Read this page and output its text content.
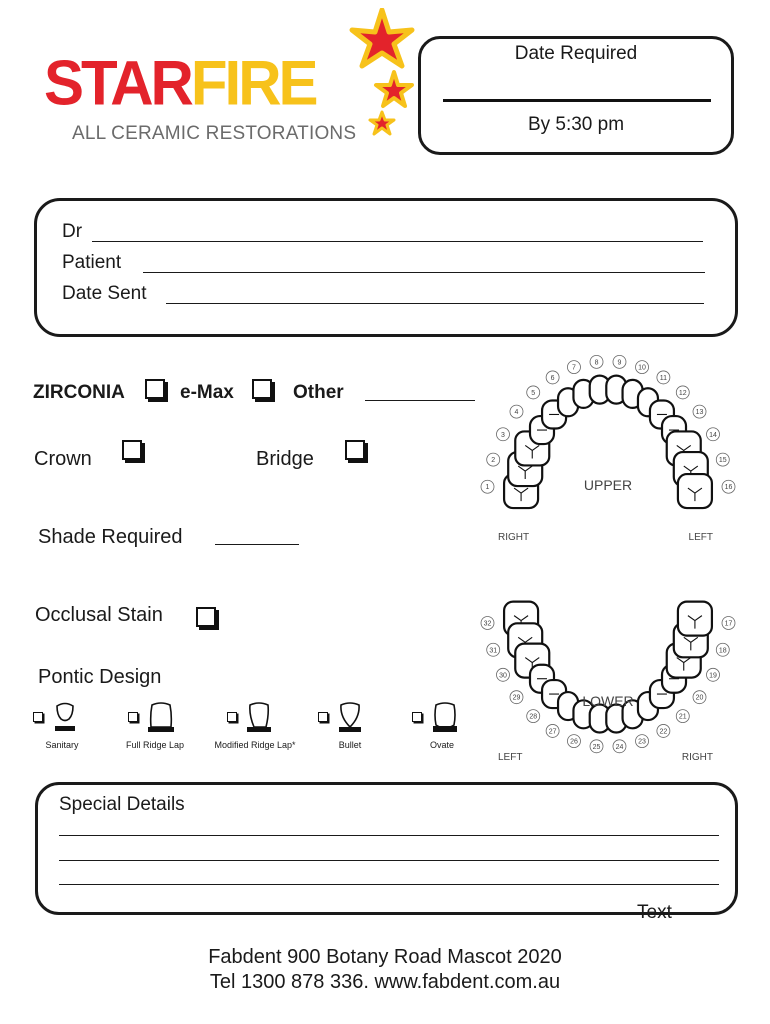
STARFIRE
ALL CERAMIC RESTORATIONS
Date Required
By 5:30 pm
Dr
Patient
Date Sent
ZIRCONIA	e-Max	Other
Crown	Bridge
Shade Required
Occlusal Stain
Pontic Design
Sanitary	Full Ridge Lap	Modified Ridge Lap*	Bullet	Ovate
1
2
3
4
5
6
7
8	9
10
11
12
13
14
15
16
UPPER
LEFT
RIGHT
32
31
30
29
28
27
26
25 24
23
22
21
20
19
18
17
LOWER
LEFT	RIGHT
Special Details
Text
Fabdent 900 Botany Road Mascot 2020
Tel 1300 878 336. www.fabdent.com.au
